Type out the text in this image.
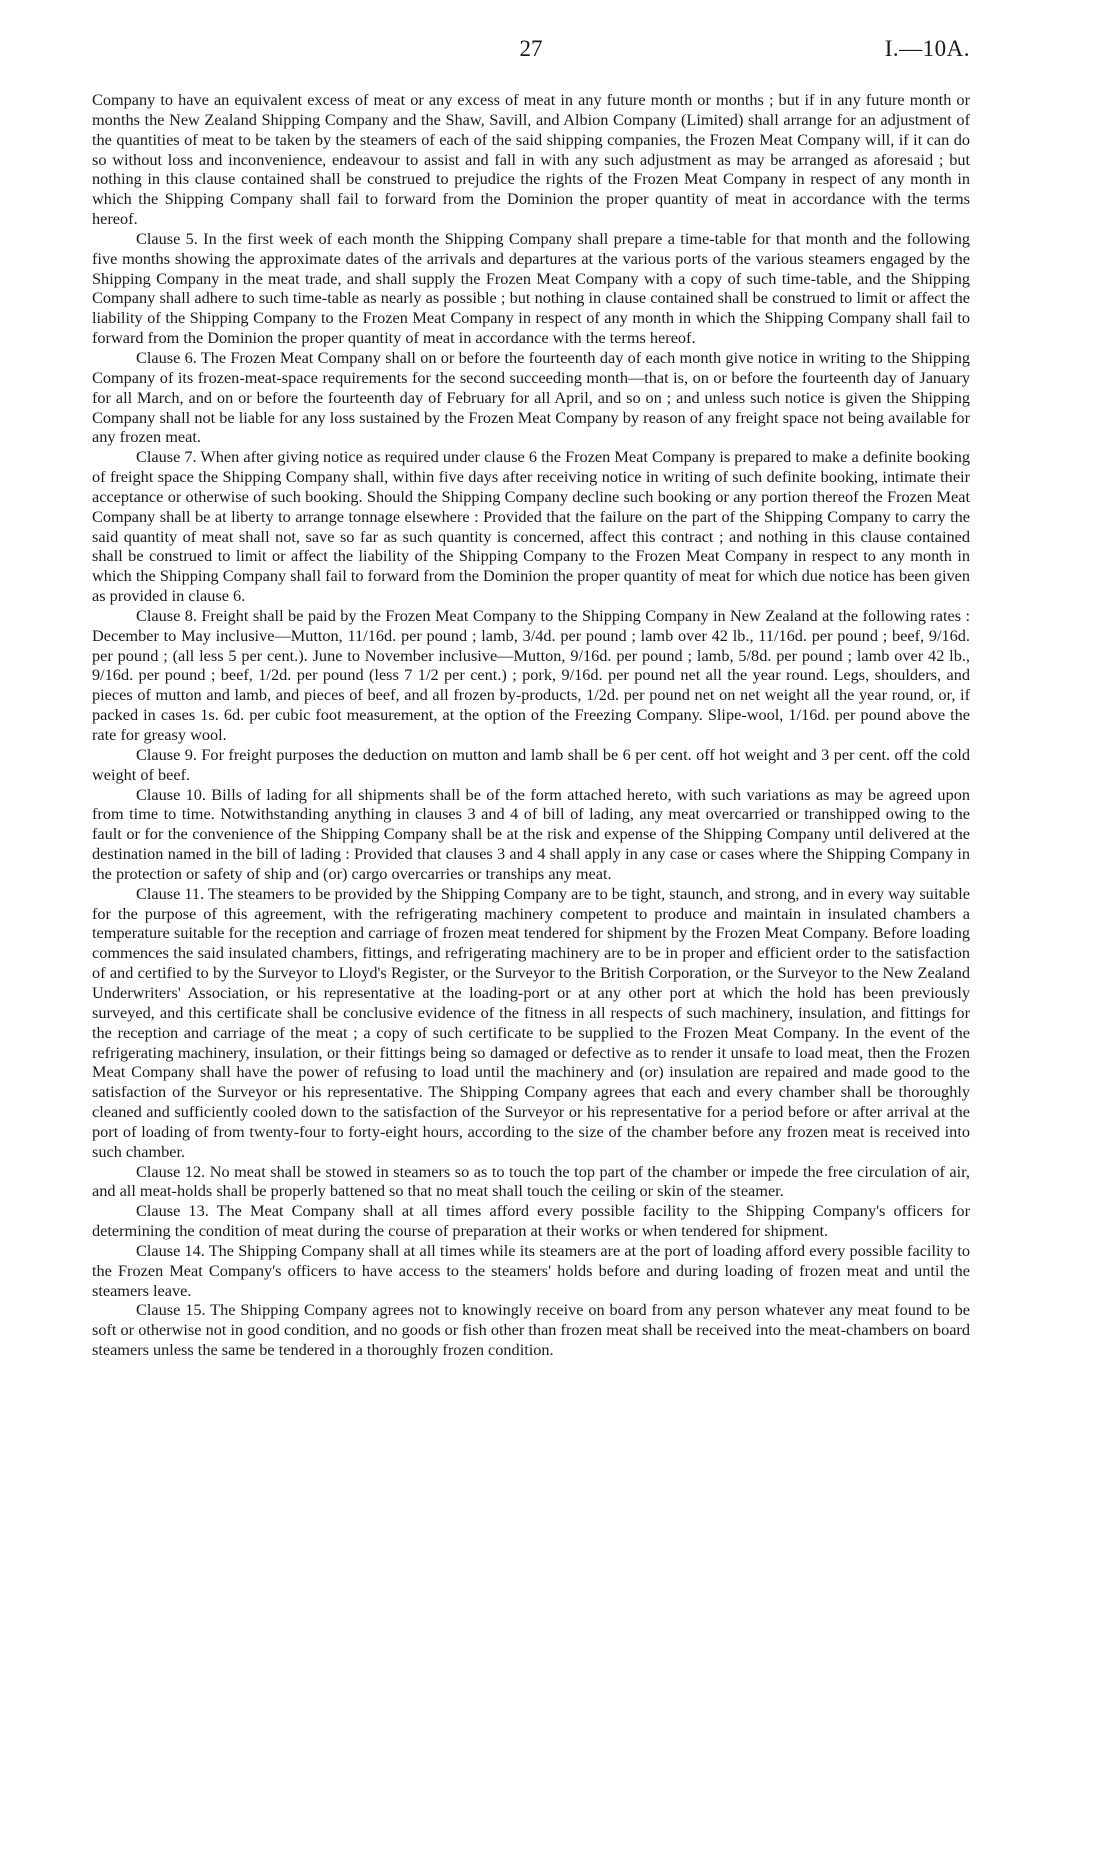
27	I.—10A.

Company to have an equivalent excess of meat or any excess of meat in any future month or months ; but if in any future month or months the New Zealand Shipping Company and the Shaw, Savill, and Albion Company (Limited) shall arrange for an adjustment of the quantities of meat to be taken by the steamers of each of the said shipping companies, the Frozen Meat Company will, if it can do so without loss and inconvenience, endeavour to assist and fall in with any such adjustment as may be arranged as aforesaid ; but nothing in this clause contained shall be construed to prejudice the rights of the Frozen Meat Company in respect of any month in which the Shipping Company shall fail to forward from the Dominion the proper quantity of meat in accordance with the terms hereof.

Clause 5. In the first week of each month the Shipping Company shall prepare a time-table for that month and the following five months showing the approximate dates of the arrivals and departures at the various ports of the various steamers engaged by the Shipping Company in the meat trade, and shall supply the Frozen Meat Company with a copy of such time-table, and the Shipping Company shall adhere to such time-table as nearly as possible ; but nothing in clause contained shall be construed to limit or affect the liability of the Shipping Company to the Frozen Meat Company in respect of any month in which the Shipping Company shall fail to forward from the Dominion the proper quantity of meat in accordance with the terms hereof.

Clause 6. The Frozen Meat Company shall on or before the fourteenth day of each month give notice in writing to the Shipping Company of its frozen-meat-space requirements for the second succeeding month—that is, on or before the fourteenth day of January for all March, and on or before the fourteenth day of February for all April, and so on ; and unless such notice is given the Shipping Company shall not be liable for any loss sustained by the Frozen Meat Company by reason of any freight space not being available for any frozen meat.

Clause 7. When after giving notice as required under clause 6 the Frozen Meat Company is prepared to make a definite booking of freight space the Shipping Company shall, within five days after receiving notice in writing of such definite booking, intimate their acceptance or otherwise of such booking. Should the Shipping Company decline such booking or any portion thereof the Frozen Meat Company shall be at liberty to arrange tonnage elsewhere : Provided that the failure on the part of the Shipping Company to carry the said quantity of meat shall not, save so far as such quantity is concerned, affect this contract ; and nothing in this clause contained shall be construed to limit or affect the liability of the Shipping Company to the Frozen Meat Company in respect to any month in which the Shipping Company shall fail to forward from the Dominion the proper quantity of meat for which due notice has been given as provided in clause 6.

Clause 8. Freight shall be paid by the Frozen Meat Company to the Shipping Company in New Zealand at the following rates : December to May inclusive—Mutton, 11/16d. per pound ; lamb, 3/4d. per pound ; lamb over 42 lb., 11/16d. per pound ; beef, 9/16d. per pound ; (all less 5 per cent.). June to November inclusive—Mutton, 9/16d. per pound ; lamb, 5/8d. per pound ; lamb over 42 lb., 9/16d. per pound ; beef, 1/2d. per pound (less 7 1/2 per cent.) ; pork, 9/16d. per pound net all the year round. Legs, shoulders, and pieces of mutton and lamb, and pieces of beef, and all frozen by-products, 1/2d. per pound net on net weight all the year round, or, if packed in cases 1s. 6d. per cubic foot measurement, at the option of the Freezing Company. Slipe-wool, 1/16d. per pound above the rate for greasy wool.

Clause 9. For freight purposes the deduction on mutton and lamb shall be 6 per cent. off hot weight and 3 per cent. off the cold weight of beef.

Clause 10. Bills of lading for all shipments shall be of the form attached hereto, with such variations as may be agreed upon from time to time. Notwithstanding anything in clauses 3 and 4 of bill of lading, any meat overcarried or transhipped owing to the fault or for the convenience of the Shipping Company shall be at the risk and expense of the Shipping Company until delivered at the destination named in the bill of lading : Provided that clauses 3 and 4 shall apply in any case or cases where the Shipping Company in the protection or safety of ship and (or) cargo overcarries or tranships any meat.

Clause 11. The steamers to be provided by the Shipping Company are to be tight, staunch, and strong, and in every way suitable for the purpose of this agreement, with the refrigerating machinery competent to produce and maintain in insulated chambers a temperature suitable for the reception and carriage of frozen meat tendered for shipment by the Frozen Meat Company. Before loading commences the said insulated chambers, fittings, and refrigerating machinery are to be in proper and efficient order to the satisfaction of and certified to by the Surveyor to Lloyd's Register, or the Surveyor to the British Corporation, or the Surveyor to the New Zealand Underwriters' Association, or his representative at the loading-port or at any other port at which the hold has been previously surveyed, and this certificate shall be conclusive evidence of the fitness in all respects of such machinery, insulation, and fittings for the reception and carriage of the meat ; a copy of such certificate to be supplied to the Frozen Meat Company. In the event of the refrigerating machinery, insulation, or their fittings being so damaged or defective as to render it unsafe to load meat, then the Frozen Meat Company shall have the power of refusing to load until the machinery and (or) insulation are repaired and made good to the satisfaction of the Surveyor or his representative. The Shipping Company agrees that each and every chamber shall be thoroughly cleaned and sufficiently cooled down to the satisfaction of the Surveyor or his representative for a period before or after arrival at the port of loading of from twenty-four to forty-eight hours, according to the size of the chamber before any frozen meat is received into such chamber.

Clause 12. No meat shall be stowed in steamers so as to touch the top part of the chamber or impede the free circulation of air, and all meat-holds shall be properly battened so that no meat shall touch the ceiling or skin of the steamer.

Clause 13. The Meat Company shall at all times afford every possible facility to the Shipping Company's officers for determining the condition of meat during the course of preparation at their works or when tendered for shipment.

Clause 14. The Shipping Company shall at all times while its steamers are at the port of loading afford every possible facility to the Frozen Meat Company's officers to have access to the steamers' holds before and during loading of frozen meat and until the steamers leave.

Clause 15. The Shipping Company agrees not to knowingly receive on board from any person whatever any meat found to be soft or otherwise not in good condition, and no goods or fish other than frozen meat shall be received into the meat-chambers on board steamers unless the same be tendered in a thoroughly frozen condition.
